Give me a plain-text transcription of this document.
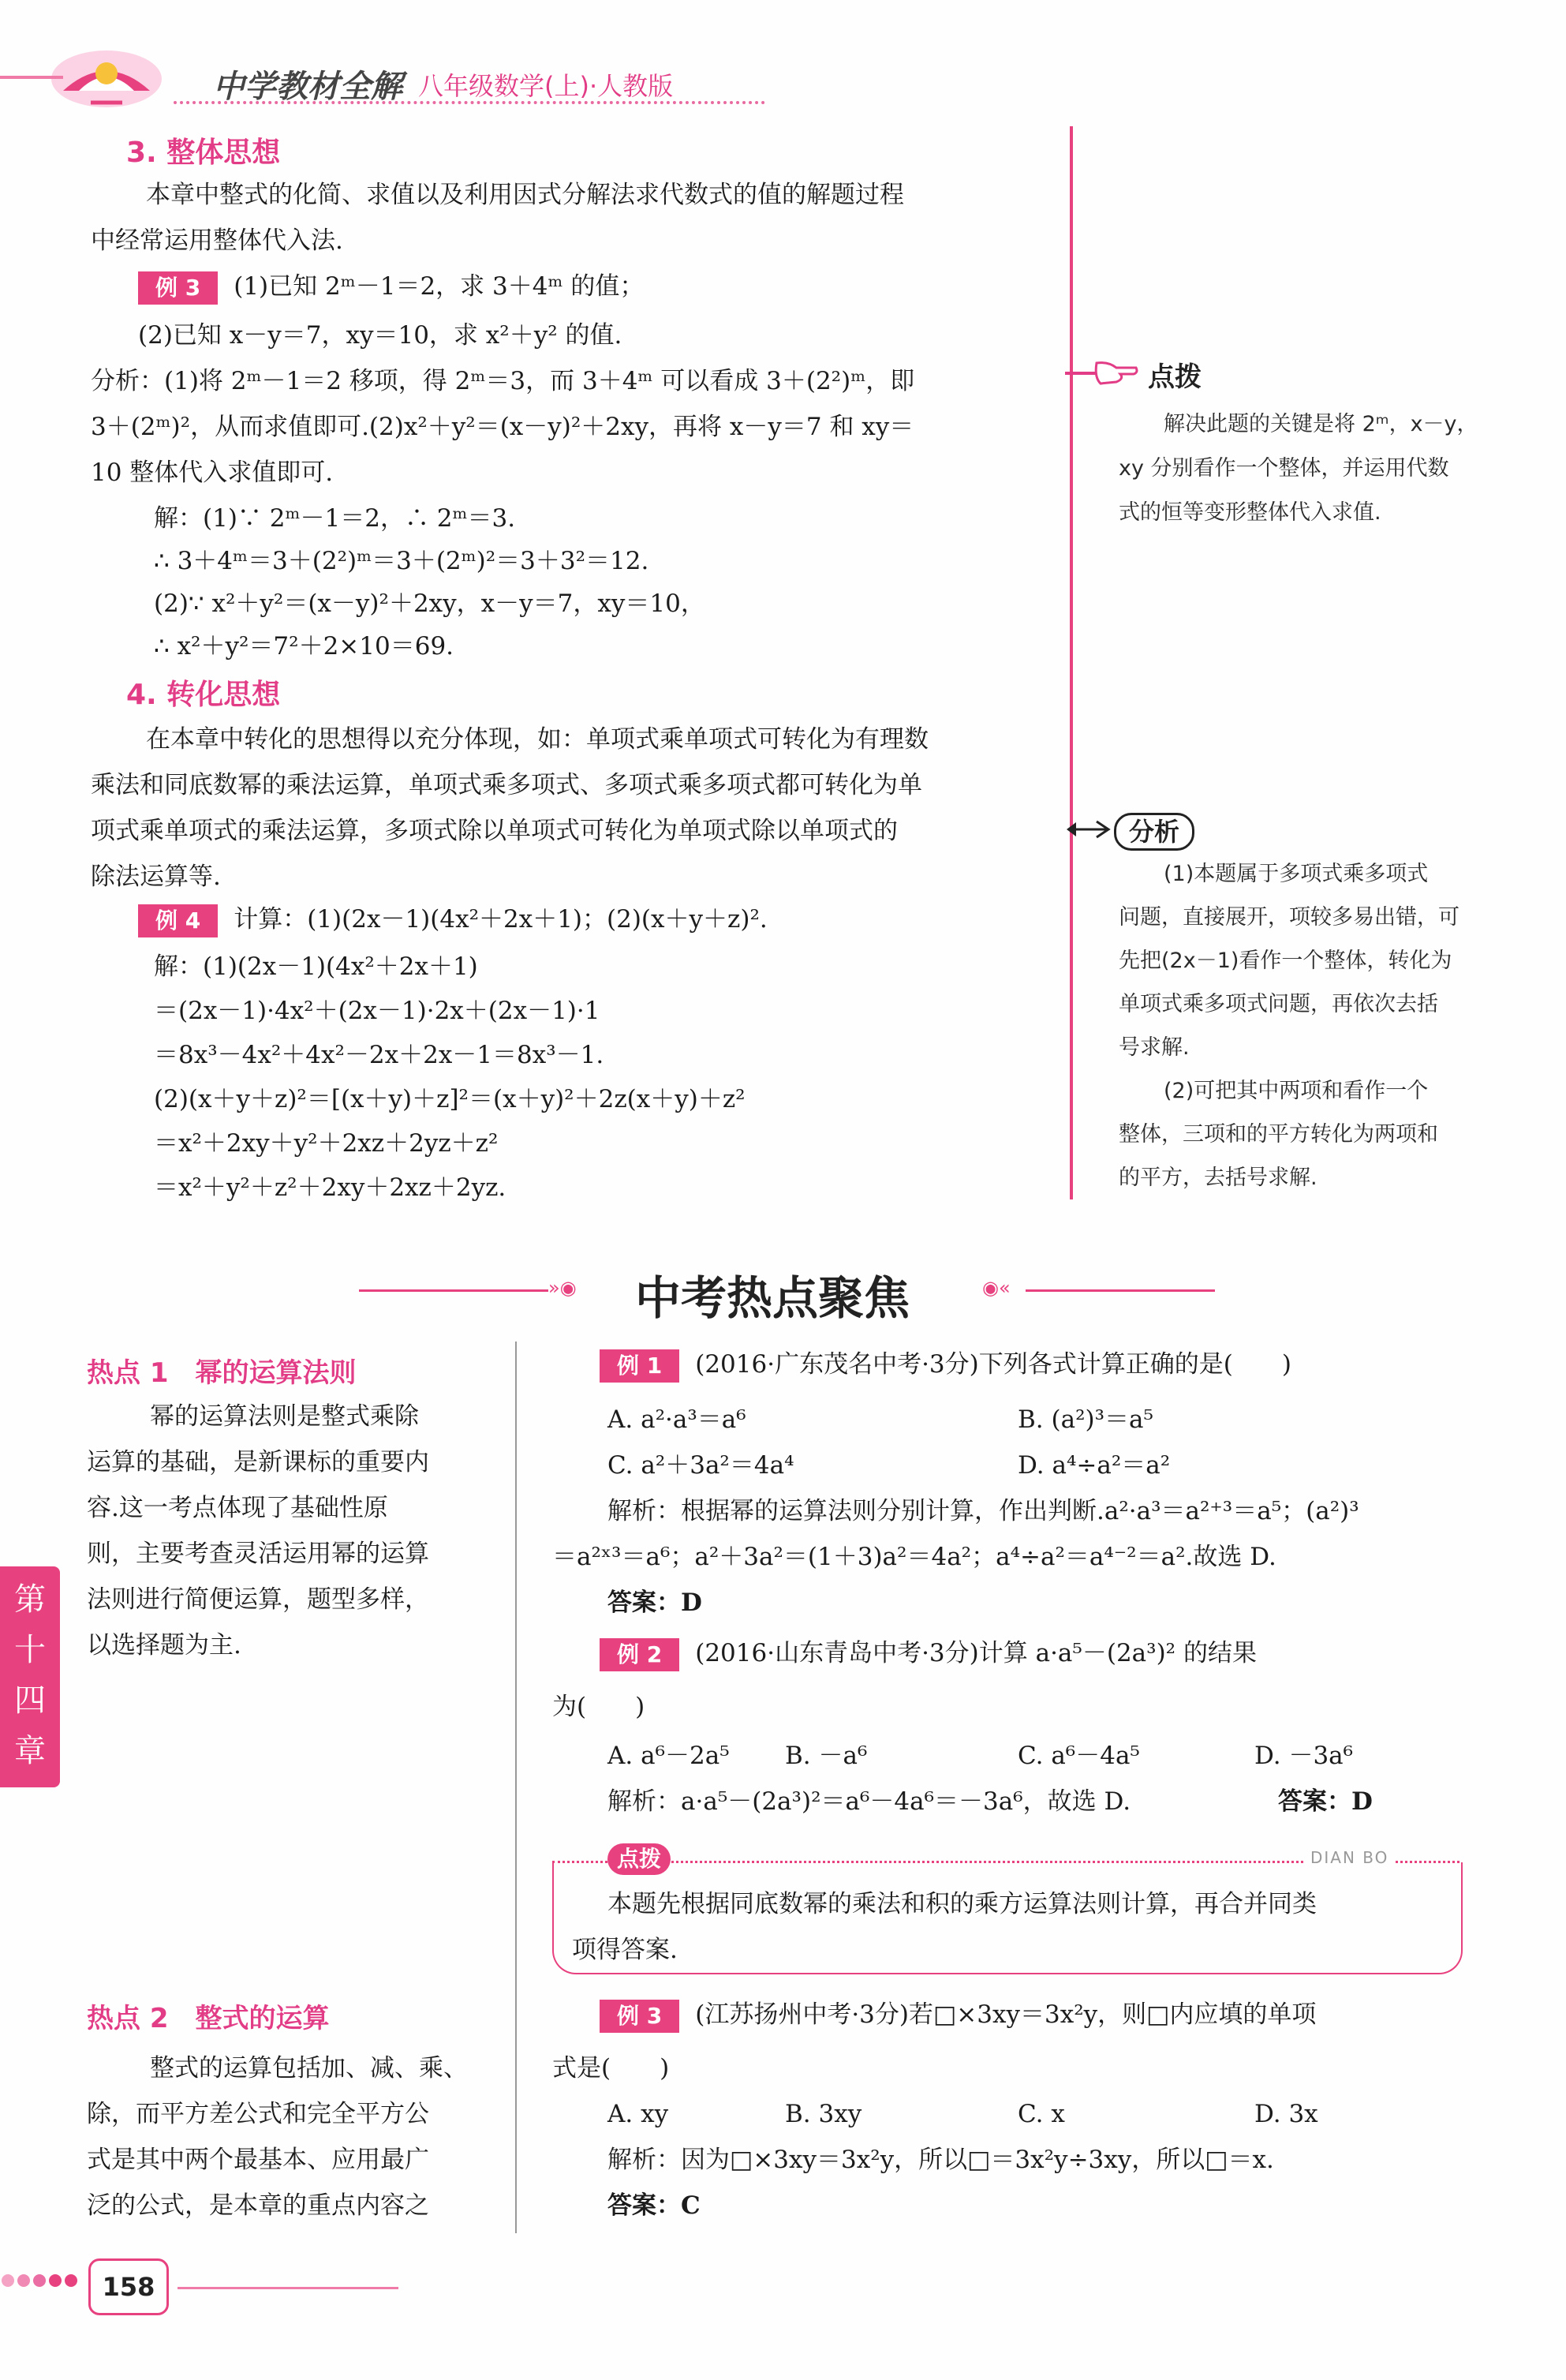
中学教材全解 八年级数学(上)·人教版
3. 整体思想
本章中整式的化简、求值以及利用因式分解法求代数式的值的解题过程
中经常运用整体代入法.
例 3 (1)已知 2ᵐ－1＝2，求 3＋4ᵐ 的值；
(2)已知 x－y＝7，xy＝10，求 x²＋y² 的值.
分析：(1)将 2ᵐ－1＝2 移项，得 2ᵐ＝3，而 3＋4ᵐ 可以看成 3＋(2²)ᵐ，即
3＋(2ᵐ)²，从而求值即可.(2)x²＋y²＝(x－y)²＋2xy，再将 x－y＝7 和 xy＝
10 整体代入求值即可.
解：(1)∵ 2ᵐ－1＝2，∴ 2ᵐ＝3.
∴ 3＋4ᵐ＝3＋(2²)ᵐ＝3＋(2ᵐ)²＝3＋3²＝12.
(2)∵ x²＋y²＝(x－y)²＋2xy，x－y＝7，xy＝10，
∴ x²＋y²＝7²＋2×10＝69.
点拨
解决此题的关键是将 2ᵐ，x－y，
xy 分别看作一个整体，并运用代数
式的恒等变形整体代入求值.
4. 转化思想
在本章中转化的思想得以充分体现，如：单项式乘单项式可转化为有理数
乘法和同底数幂的乘法运算，单项式乘多项式、多项式乘多项式都可转化为单
项式乘单项式的乘法运算，多项式除以单项式可转化为单项式除以单项式的
除法运算等.
例 4 计算：(1)(2x－1)(4x²＋2x＋1)；(2)(x＋y＋z)².
解：(1)(2x－1)(4x²＋2x＋1)
＝(2x－1)·4x²＋(2x－1)·2x＋(2x－1)·1
＝8x³－4x²＋4x²－2x＋2x－1＝8x³－1.
(2)(x＋y＋z)²＝[(x＋y)＋z]²＝(x＋y)²＋2z(x＋y)＋z²
＝x²＋2xy＋y²＋2xz＋2yz＋z²
＝x²＋y²＋z²＋2xy＋2xz＋2yz.
分析
(1)本题属于多项式乘多项式
问题，直接展开，项较多易出错，可
先把(2x－1)看作一个整体，转化为
单项式乘多项式问题，再依次去括
号求解.
(2)可把其中两项和看作一个
整体，三项和的平方转化为两项和
的平方，去括号求解.
»◉ 中考热点聚焦	◉«
热点 1　幂的运算法则
幂的运算法则是整式乘除
运算的基础，是新课标的重要内
容.这一考点体现了基础性原
则，主要考查灵活运用幂的运算
法则进行简便运算，题型多样，
以选择题为主.
第
十
四
章
例 1 (2016·广东茂名中考·3分)下列各式计算正确的是(　　)
A. a²·a³＝a⁶	B. (a²)³＝a⁵
C. a²＋3a²＝4a⁴	D. a⁴÷a²＝a²
解析：根据幂的运算法则分别计算，作出判断.a²·a³＝a²⁺³＝a⁵；(a²)³
＝a²ˣ³＝a⁶；a²＋3a²＝(1＋3)a²＝4a²；a⁴÷a²＝a⁴⁻²＝a².故选 D.
答案：D
例 2 (2016·山东青岛中考·3分)计算 a·a⁵－(2a³)² 的结果
为(　　)
A. a⁶－2a⁵ B. －a⁶	C. a⁶－4a⁵	D. －3a⁶
解析：a·a⁵－(2a³)²＝a⁶－4a⁶＝－3a⁶，故选 D.	答案：D
点拨	DIAN BO
本题先根据同底数幂的乘法和积的乘方运算法则计算，再合并同类
项得答案.
热点 2　整式的运算
整式的运算包括加、减、乘、
除，而平方差公式和完全平方公
式是其中两个最基本、应用最广
泛的公式，是本章的重点内容之
例 3 (江苏扬州中考·3分)若□×3xy＝3x²y，则□内应填的单项
式是(　　)
A. xy	B. 3xy	C. x	D. 3x
解析：因为□×3xy＝3x²y，所以□＝3x²y÷3xy，所以□＝x.
答案：C
158
